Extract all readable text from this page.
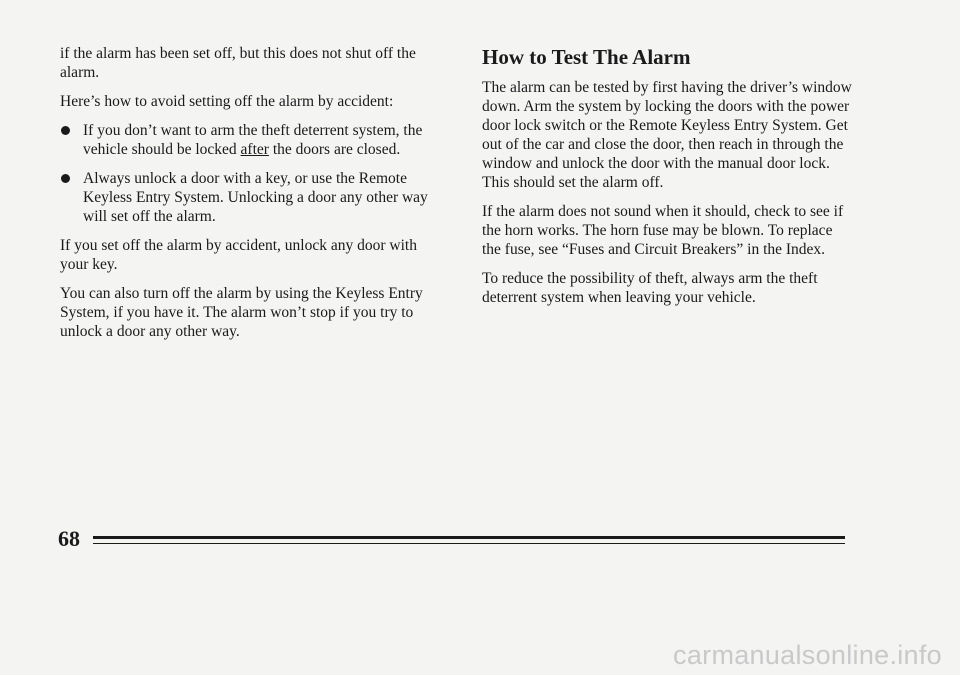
if the alarm has been set off, but this does not shut off the alarm.

Here’s how to avoid setting off the alarm by accident:

If you don’t want to arm the theft deterrent system, the vehicle should be locked after the doors are closed.
Always unlock a door with a key, or use the Remote Keyless Entry System. Unlocking a door any other way will set off the alarm.

If you set off the alarm by accident, unlock any door with your key.

You can also turn off the alarm by using the Keyless Entry System, if you have it. The alarm won’t stop if you try to unlock a door any other way.

How to Test The Alarm

The alarm can be tested by first having the driver’s window down. Arm the system by locking the doors with the power door lock switch or the Remote Keyless Entry System. Get out of the car and close the door, then reach in through the window and unlock the door with the manual door lock. This should set the alarm off.

If the alarm does not sound when it should, check to see if the horn works. The horn fuse may be blown. To replace the fuse, see “Fuses and Circuit Breakers” in the Index.

To reduce the possibility of theft, always arm the theft deterrent system when leaving your vehicle.

68
carmanualsonline.info
